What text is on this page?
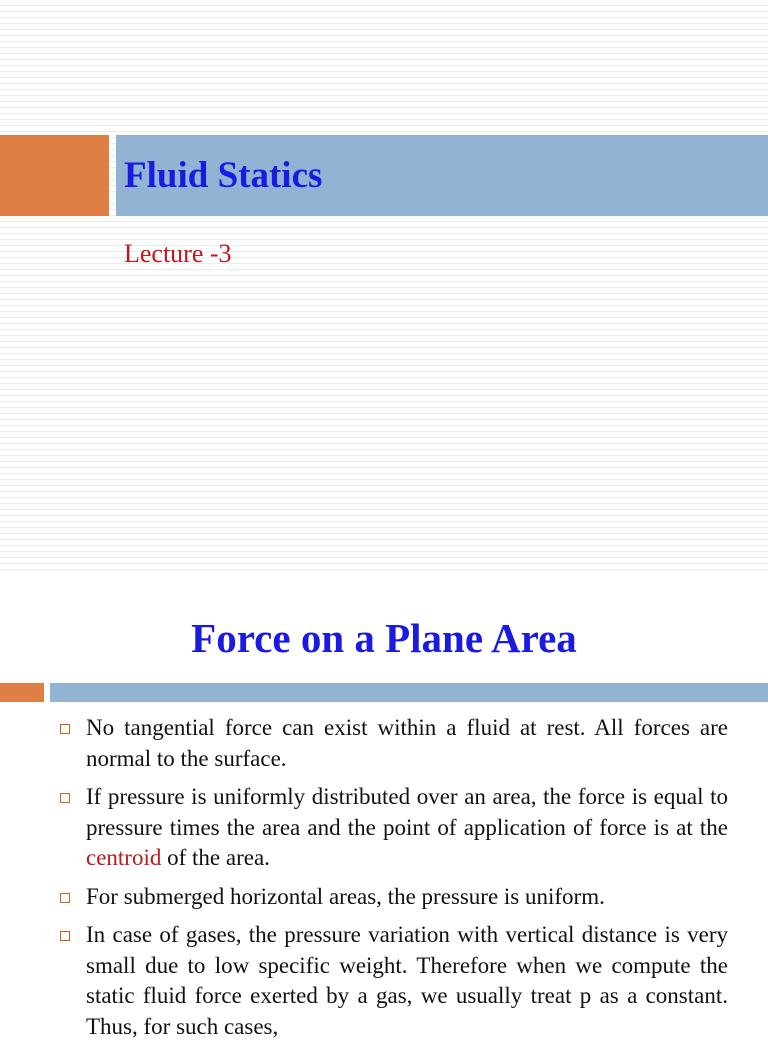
Fluid Statics

Lecture -3

Force on a Plane Area
No tangential force can exist within a fluid at rest. All forces are normal to the surface.
If pressure is uniformly distributed over an area, the force is equal to pressure times the area and the point of application of force is at the centroid of the area.
For submerged horizontal areas, the pressure is uniform.
In case of gases, the pressure variation with vertical distance is very small due to low specific weight. Therefore when we compute the static fluid force exerted by a gas, we usually treat p as a constant. Thus, for such cases,
